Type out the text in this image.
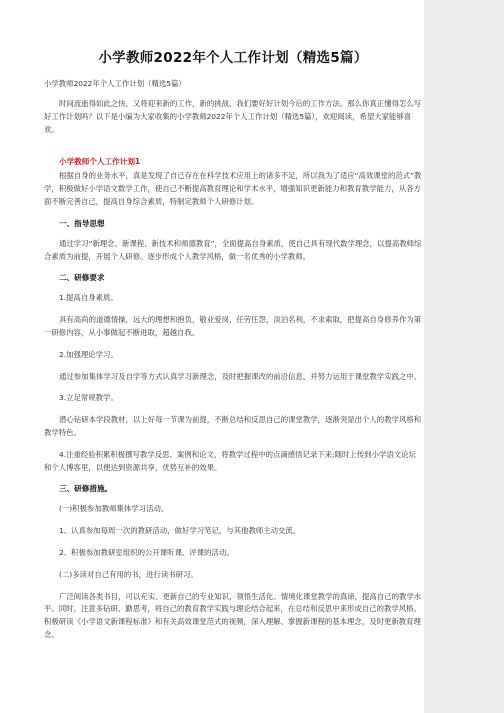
小学教师2022年个人工作计划（精选5篇）
小学教师2022年个人工作计划（精选5篇）

时间流逝得如此之快，又将迎来新的工作，新的挑战，我们要好好计划今后的工作方法。那么你真正懂得怎么写好工作计划吗？以下是小编为大家收集的小学教师2022年个人工作计划（精选5篇），欢迎阅读，希望大家能够喜欢。

小学教师个人工作计划1

根据自身的业务水平，真是发现了自己存在在科学技术应用上的诸多不足，所以我为了适应“高效课堂的范式”教学，积极做好小学语文数学工作，使自己不断提高教育理论和学术水平，增强知识更新能力和教育教学能力，从各方面不断完善自己，提高自身综合素质，特制定教师个人研修计划。

一、指导思想

通过学习“新理念、新课程、新技术和师德教育”，全面提高自身素质，使自己具有现代数学理念，以提高教师综合素质为前提，开展个人研修。逐步形成个人教学风格，做一名优秀的小学教师。

二、研修要求

1.提高自身素质。

具有高尚的道德情操，远大的理想和抱负，敬业爱岗，任劳任怨，淡泊名利，不求索取，把提高自身修养作为第一研修内容，从小事做起不断进取，超越自我。

2.加强理论学习。

通过参加集体学习及自学等方式认真学习新理念，及时把握课改的前沿信息，并努力运用于课堂教学实践之中。

3.立足常规教学。

潜心钻研本学段教材，以上好每一节课为前提，不断总结和反思自己的课堂教学，逐渐突显出个人的教学风格和教学特色。

4.注重经验积累积极撰写教学反思、案例和论文，将教学过程中的点滴感悟记录下来;随时上传到小学语文论坛和个人博客里，以便达到资源共享，优势互补的效果。

三、研修措施。

(一)积极参加教师集体学习活动。

1、认真参加每周一次的教研活动，做好学习笔记，与其他教师主动交流。

2、积极参加教研室组织的公开课听课、评课的活动。

(二)多读对自己有用的书，进行读书研习。

广泛阅读各类书目，可以充实、更新自己的专业知识，领悟生活化、情境化课堂教学的真谛，提高自己的教学水平。同时，注意多钻研、勤思考，将自己的教育教学实践与理论结合起来，在总结和反思中来形成自己的教学风格。积极研读《小学语文新课程标准》和有关高效课堂范式的视频，深入理解、掌握新课程的基本理念，及时更新教育理念。
